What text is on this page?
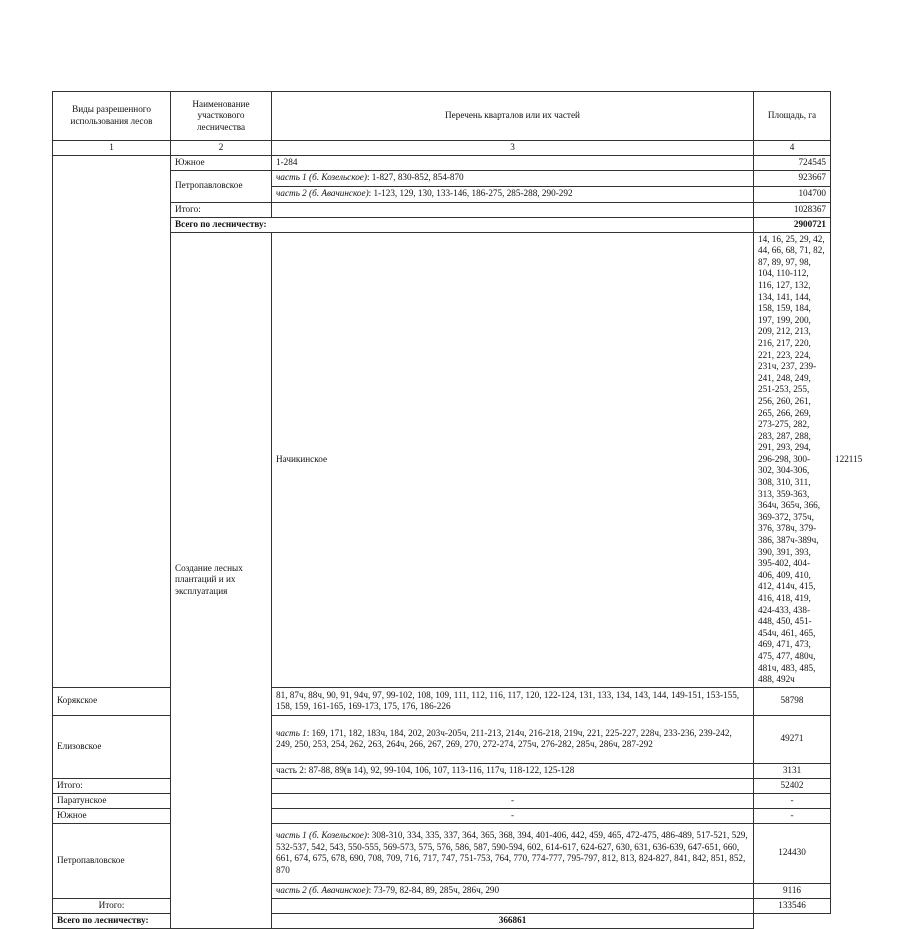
Виды разрешенного использования лесов	Наименование участкового лесничества	Перечень кварталов или их частей	Площадь, га	
1	2	3	4	
	Южное	1-284	724545	
	Петропавловское	часть 1 (б. Козельское): 1-827, 830-852, 854-870	923667	
		часть 2 (б. Авачинское): 1-123, 129, 130, 133-146, 186-275, 285-288, 290-292	104700	
	Итого:		1028367	
	Всего по лесничеству:		2900721	
	Создание лесных плантаций и их эксплуатация	Начикинское	14, 16, 25, 29, 42, 44, 66, 68, 71, 82, 87, 89, 97, 98, 104, 110-112, 116, 127, 132, 134, 141, 144, 158, 159, 184, 197, 199, 200, 209, 212, 213, 216, 217, 220, 221, 223, 224, 231ч, 237, 239-241, 248, 249, 251-253, 255, 256, 260, 261, 265, 266, 269, 273-275, 282, 283, 287, 288, 291, 293, 294, 296-298, 300-302, 304-306, 308, 310, 311, 313, 359-363, 364ч, 365ч, 366, 369-372, 375ч, 376, 378ч, 379-386, 387ч-389ч, 390, 391, 393, 395-402, 404-406, 409, 410, 412, 414ч, 415, 416, 418, 419, 424-433, 438-448, 450, 451-454ч, 461, 465, 469, 471, 473, 475, 477, 480ч, 481ч, 483, 485, 488, 492ч	122115
Корякское		81, 87ч, 88ч, 90, 91, 94ч, 97, 99-102, 108, 109, 111, 112, 116, 117, 120, 122-124, 131, 133, 134, 143, 144, 149-151, 153-155, 158, 159, 161-165, 169-173, 175, 176, 186-226	58798	
Елизовское		часть 1: 169, 171, 182, 183ч, 184, 202, 203ч-205ч, 211-213, 214ч, 216-218, 219ч, 221, 225-227, 228ч, 233-236, 239-242, 249, 250, 253, 254, 262, 263, 264ч, 266, 267, 269, 270, 272-274, 275ч, 276-282, 285ч, 286ч, 287-292	49271	
		часть 2: 87-88, 89(в 14), 92, 99-104, 106, 107, 113-116, 117ч, 118-122, 125-128	3131	
Итого:			52402	
Паратунское		-	-	
Южное		-	-	
Петропавловское		часть 1 (б. Козельское): 308-310, 334, 335, 337, 364, 365, 368, 394, 401-406, 442, 459, 465, 472-475, 486-489, 517-521, 529, 532-537, 542, 543, 550-555, 569-573, 575, 576, 586, 587, 590-594, 602, 614-617, 624-627, 630, 631, 636-639, 647-651, 660, 661, 674, 675, 678, 690, 708, 709, 716, 717, 747, 751-753, 764, 770, 774-777, 795-797, 812, 813, 824-827, 841, 842, 851, 852, 870	124430	
		часть 2 (б. Авачинское): 73-79, 82-84, 89, 285ч, 286ч, 290	9116	
Итого:			133546	
Всего по лесничеству:		366861		
